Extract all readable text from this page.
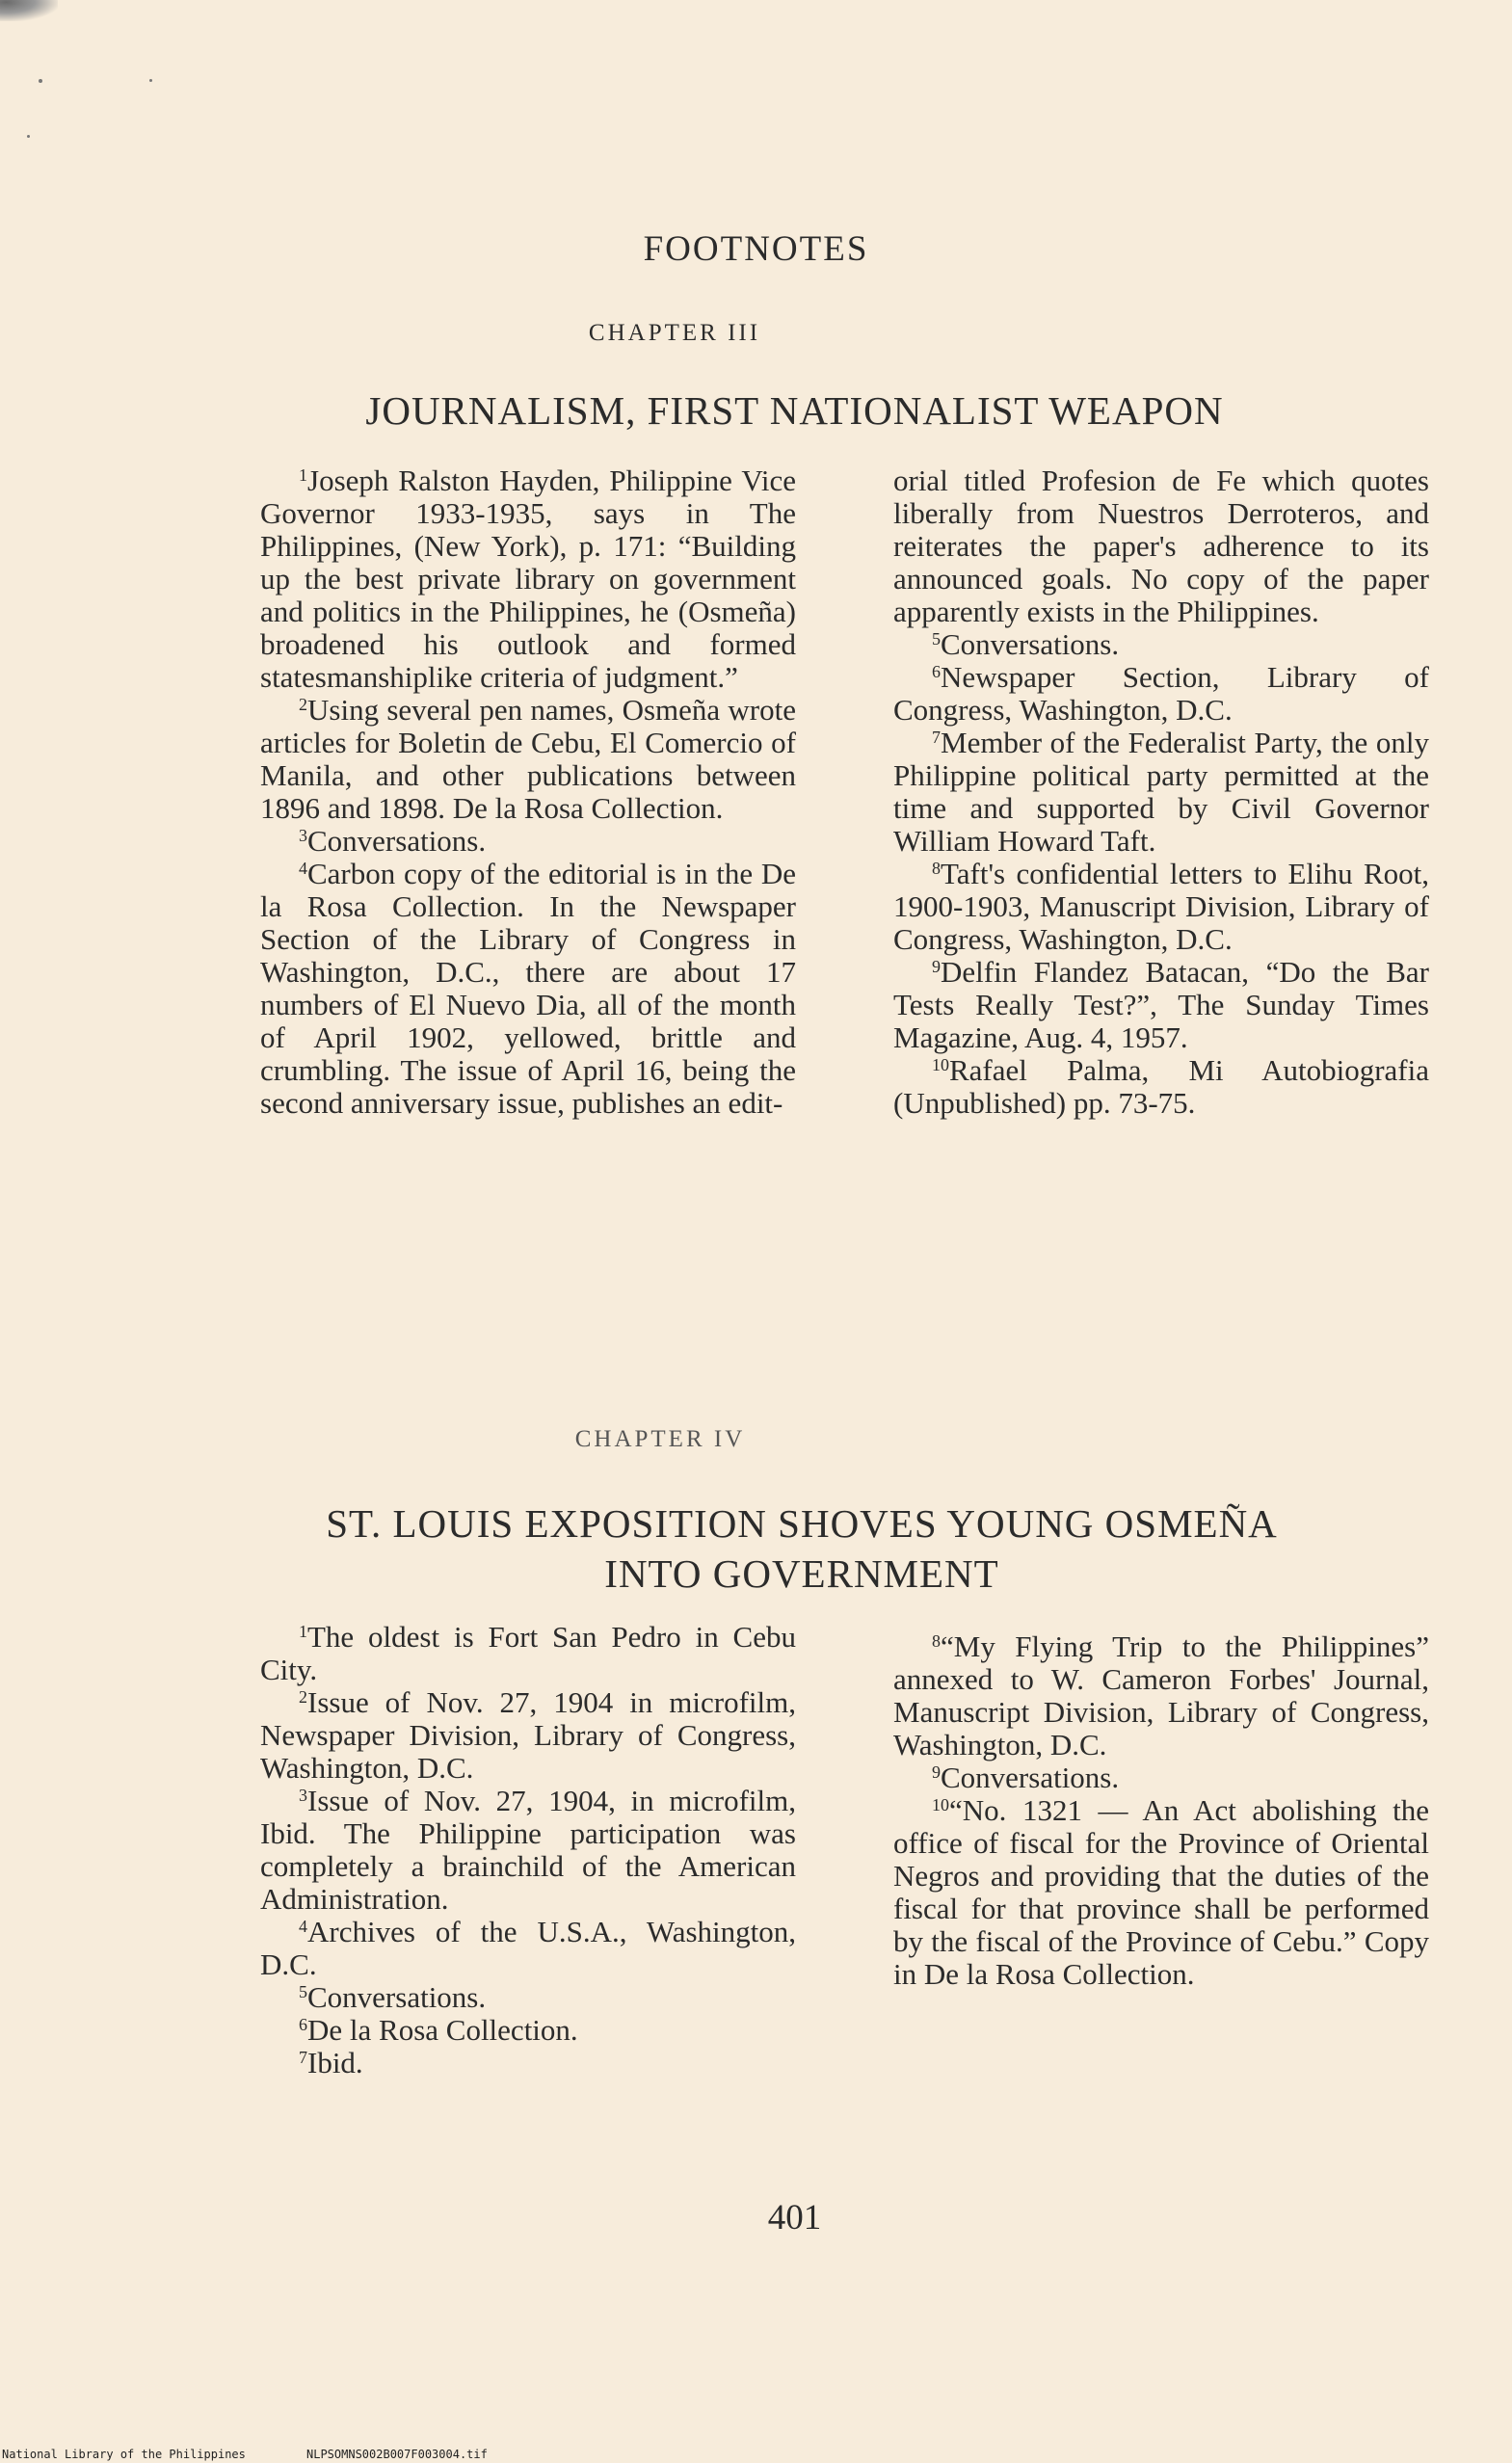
FOOTNOTES
CHAPTER III
JOURNALISM, FIRST NATIONALIST WEAPON

$^1$Joseph Ralston Hayden, Philippine Vice Governor 1933-1935, says in The Philippines, (New York), p. 171: “Building up the best private library on government and politics in the Philippines, he (Osmeña) broadened his outlook and formed statesmanshiplike criteria of judgment.”

$^2$Using several pen names, Osmeña wrote articles for Boletin de Cebu, El Comercio of Manila, and other publications between 1896 and 1898. De la Rosa Collection.

$^3$Conversations.

$^4$Carbon copy of the editorial is in the De la Rosa Collection. In the Newspaper Section of the Library of Congress in Washington, D.C., there are about 17 numbers of El Nuevo Dia, all of the month of April 1902, yellowed, brittle and crumbling. The issue of April 16, being the second anniversary issue, publishes an edit-

orial titled Profesion de Fe which quotes liberally from Nuestros Derroteros, and reiterates the paper's adherence to its announced goals. No copy of the paper apparently exists in the Philippines.

$^5$Conversations.

$^6$Newspaper Section, Library of Congress, Washington, D.C.

$^7$Member of the Federalist Party, the only Philippine political party permitted at the time and supported by Civil Governor William Howard Taft.

$^8$Taft's confidential letters to Elihu Root, 1900-1903, Manuscript Division, Library of Congress, Washington, D.C.

$^9$Delfin Flandez Batacan, “Do the Bar Tests Really Test?”, The Sunday Times Magazine, Aug. 4, 1957.

$^{10}$Rafael Palma, Mi Autobiografia (Unpublished) pp. 73-75.

CHAPTER IV
ST. LOUIS EXPOSITION SHOVES YOUNG OSMEÑA
INTO GOVERNMENT

$^1$The oldest is Fort San Pedro in Cebu City.

$^2$Issue of Nov. 27, 1904 in microfilm, Newspaper Division, Library of Congress, Washington, D.C.

$^3$Issue of Nov. 27, 1904, in microfilm, Ibid. The Philippine participation was completely a brainchild of the American Administration.

$^4$Archives of the U.S.A., Washington, D.C.

$^5$Conversations.

$^6$De la Rosa Collection.

$^7$Ibid.

$^8$“My Flying Trip to the Philippines” annexed to W. Cameron Forbes' Journal, Manuscript Division, Library of Congress, Washington, D.C.

$^9$Conversations.

$^{10}$“No. 1321 — An Act abolishing the office of fiscal for the Province of Oriental Negros and providing that the duties of the fiscal for that province shall be performed by the fiscal of the Province of Cebu.” Copy in De la Rosa Collection.

401
National Library of the Philippines	NLPSOMNS002B007F003004.tif
